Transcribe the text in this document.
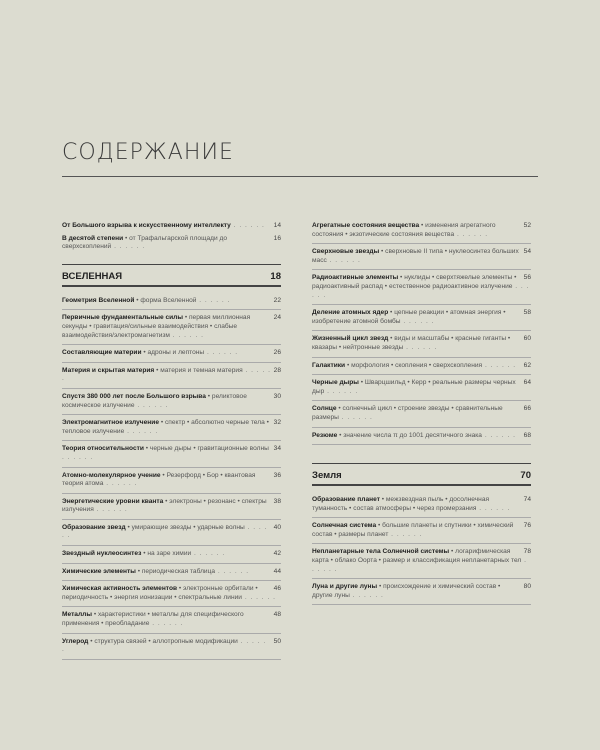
СОДЕРЖАНИЕ
14
От Большого взрыва к искусственному интеллекту . . . . . .
16
В десятой степени • от Трафальгарской площади до сверхскоплений . . . . . .
ВСЕЛЕННАЯ	18
22
Геометрия Вселенной • форма Вселенной . . . . . .
24
Первичные фундаментальные силы • первая миллионная секунды • гравитация/сильные взаимодействия • слабые взаимодействия/электромагнетизм . . . . . .
26
Составляющие материи • адроны и лептоны . . . . . .
28
Материя и скрытая материя • материя и темная материя . . . . . .
30
Спустя 380 000 лет после Большого взрыва • реликтовое космическое излучение . . . . . .
32
Электромагнитное излучение • спектр • абсолютно черные тела • тепловое излучение . . . . . .
34
Теория относительности • черные дыры • гравитационные волны . . . . . .
36
Атомно-молекулярное учение • Резерфорд • Бор • квантовая теория атома . . . . . .
38
Энергетические уровни кванта • электроны • резонанс • спектры излучения . . . . . .
40
Образование звезд • умирающие звезды • ударные волны . . . . . .
42
Звездный нуклеосинтез • на заре химии . . . . . .
44
Химические элементы • периодическая таблица . . . . . .
46
Химическая активность элементов • электронные орбитали • периодичность • энергия ионизации • спектральные линии . . . . . .
48
Металлы • характеристики • металлы для специфического применения • преобладание . . . . . .
50
Углерод • структура связей • аллотропные модификации . . . . . .
52
Агрегатные состояния вещества • изменения агрегатного состояния • экзотические состояния вещества . . . . . .
54
Сверхновые звезды • сверхновые II типа • нуклеосинтез больших масс . . . . . .
56
Радиоактивные элементы • нуклиды • сверхтяжелые элементы • радиоактивный распад • естественное радиоактивное излучение . . . . . .
58
Деление атомных ядер • цепные реакции • атомная энергия • изобретение атомной бомбы . . . . . .
60
Жизненный цикл звезд • виды и масштабы • красные гиганты • квазары • нейтронные звезды . . . . . .
62
Галактики • морфология • скопления • сверхскопления . . . . . .
64
Черные дыры • Шварцшильд • Керр • реальные размеры черных дыр . . . . . .
66
Солнце • солнечный цикл • строение звезды • сравнительные размеры . . . . . .
68
Резюме • значение числа π до 1001 десятичного знака . . . . . .
Земля	70
74
Образование планет • межзвездная пыль • досолнечная туманность • состав атмосферы • через промерзания . . . . . .
76
Солнечная система • большие планеты и спутники • химический состав • размеры планет . . . . . .
78
Непланетарные тела Солнечной системы • логарифмическая карта • облако Оорта • размер и классификация непланетарных тел . . . . . .
80
Луна и другие луны • происхождение и химический состав • другие луны . . . . . .
